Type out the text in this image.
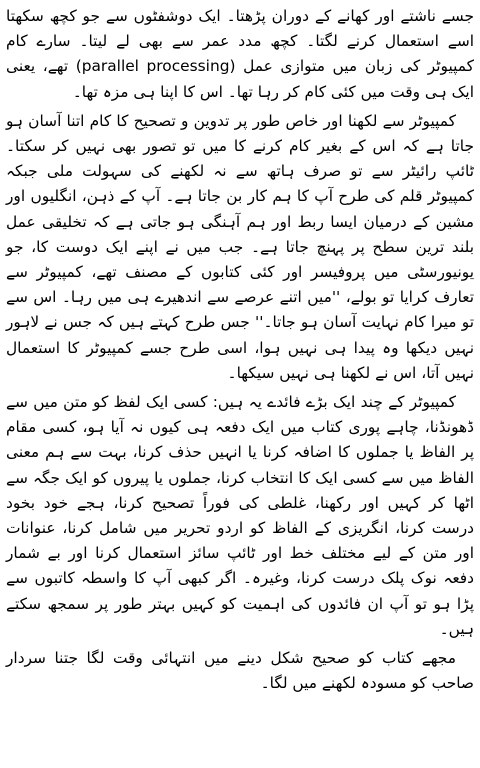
جسے ناشتے اور کھانے کے دوران پڑھتا۔ ایک دوشفٹوں سے جو کچھ سکھتا اسے استعمال کرنے لگتا۔ کچھ مدد عمر سے بھی لے لیتا۔ سارے کام کمپیوٹر کی زبان میں متوازی عمل (parallel processing) تھے، یعنی ایک ہی وقت میں کئی کام کر رہا تھا۔ اس کا اپنا ہی مزہ تھا۔

کمپیوٹر سے لکھنا اور خاص طور پر تدوین و تصحیح کا کام اتنا آسان ہو جاتا ہے کہ اس کے بغیر کام کرنے کا میں تو تصور بھی نہیں کر سکتا۔ ٹائپ رائیٹر سے تو صرف ہاتھ سے نہ لکھنے کی سہولت ملی جبکہ کمپیوٹر قلم کی طرح آپ کا ہم کار بن جاتا ہے۔ آپ کے ذہن، انگلیوں اور مشین کے درمیان ایسا ربط اور ہم آہنگی ہو جاتی ہے کہ تخلیقی عمل بلند ترین سطح پر پہنچ جاتا ہے۔ جب میں نے اپنے ایک دوست کا، جو یونیورسٹی میں پروفیسر اور کئی کتابوں کے مصنف تھے، کمپیوٹر سے تعارف کرایا تو بولے، ''میں اتنے عرصے سے اندھیرے ہی میں رہا۔ اس سے تو میرا کام نہایت آسان ہو جاتا۔'' جس طرح کہتے ہیں کہ جس نے لاہور نہیں دیکھا وہ پیدا ہی نہیں ہوا، اسی طرح جسے کمپیوٹر کا استعمال نہیں آتا، اس نے لکھنا ہی نہیں سیکھا۔

کمپیوٹر کے چند ایک بڑے فائدے یہ ہیں: کسی ایک لفظ کو متن میں سے ڈھونڈنا، چاہے پوری کتاب میں ایک دفعہ ہی کیوں نہ آیا ہو، کسی مقام پر الفاظ یا جملوں کا اضافہ کرنا یا انہیں حذف کرنا، بہت سے ہم معنی الفاظ میں سے کسی ایک کا انتخاب کرنا، جملوں یا پیروں کو ایک جگہ سے اٹھا کر کہیں اور رکھنا، غلطی کی فوراً تصحیح کرنا، ہجے خود بخود درست کرنا، انگریزی کے الفاظ کو اردو تحریر میں شامل کرنا، عنوانات اور متن کے لیے مختلف خط اور ٹائپ سائز استعمال کرنا اور بے شمار دفعہ نوک پلک درست کرنا، وغیرہ۔ اگر کبھی آپ کا واسطہ کاتبوں سے پڑا ہو تو آپ ان فائدوں کی اہمیت کو کہیں بہتر طور پر سمجھ سکتے ہیں۔

مجھے کتاب کو صحیح شکل دینے میں انتہائی وقت لگا جتنا سردار صاحب کو مسودہ لکھنے میں لگا۔
